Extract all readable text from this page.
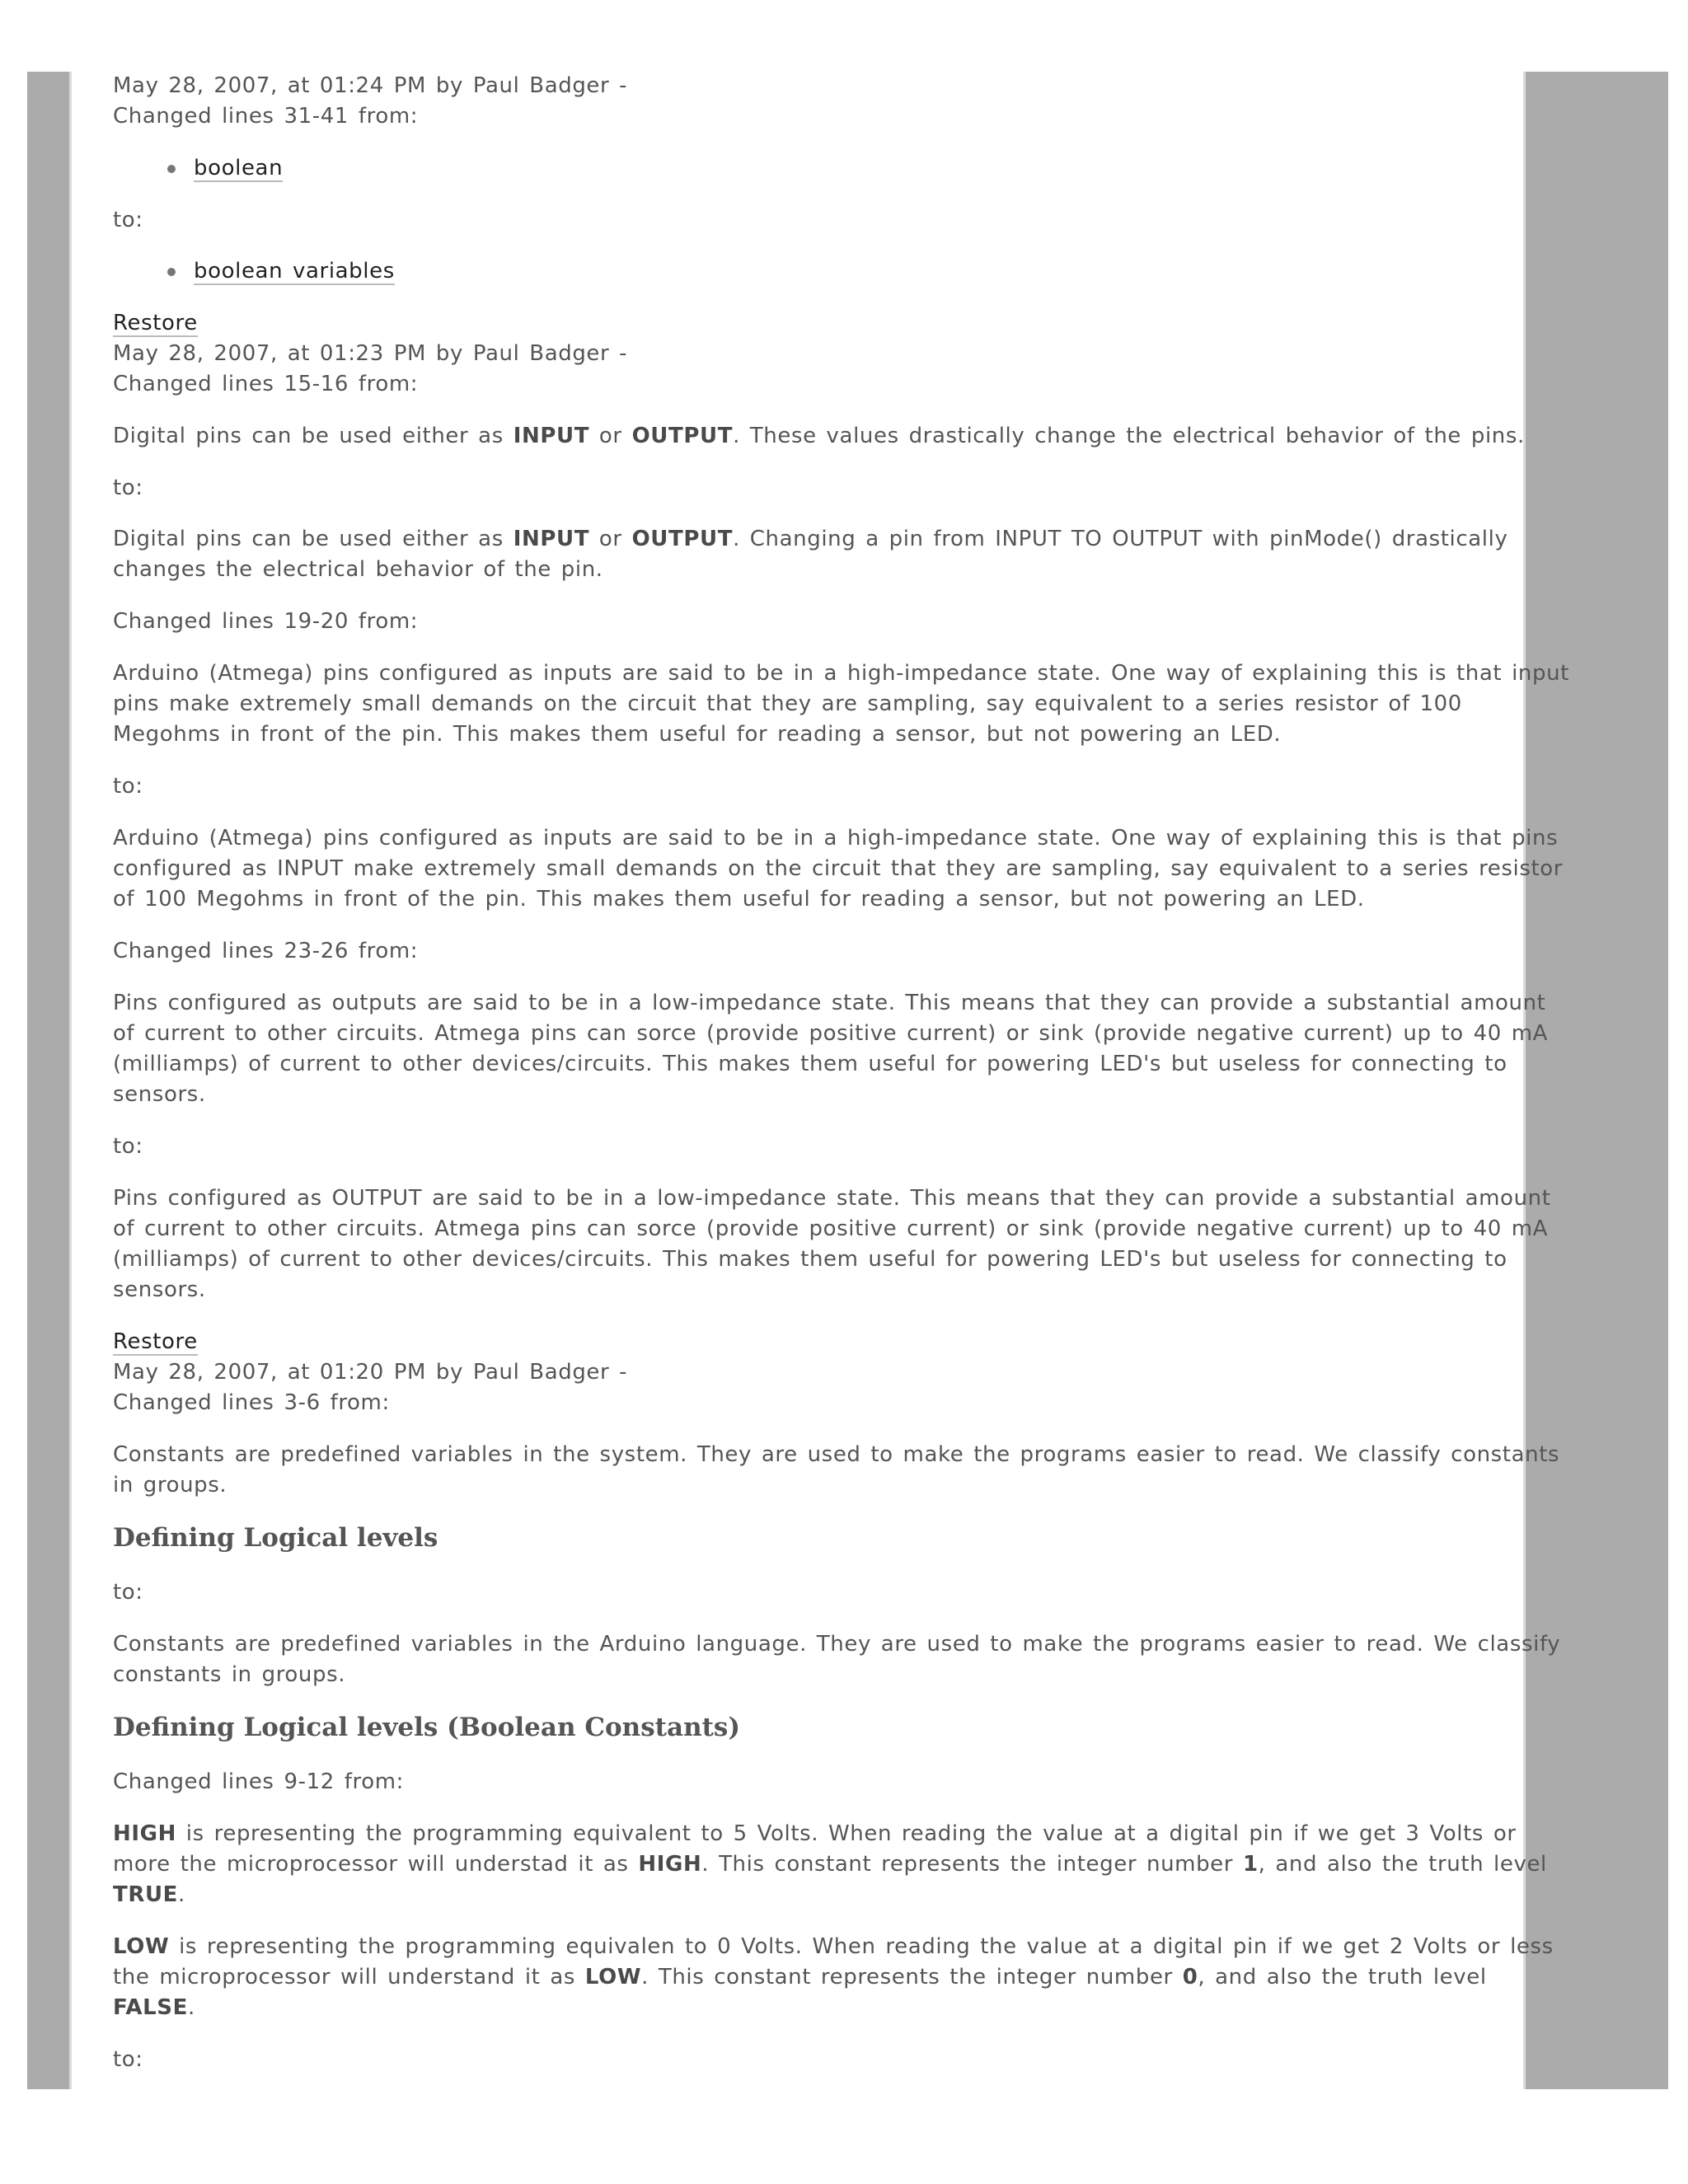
May 28, 2007, at 01:24 PM by Paul Badger -
Changed lines 31-41 from:
boolean
to:
boolean variables
Restore
May 28, 2007, at 01:23 PM by Paul Badger -
Changed lines 15-16 from:
Digital pins can be used either as INPUT or OUTPUT. These values drastically change the electrical behavior of the pins.
to:
Digital pins can be used either as INPUT or OUTPUT. Changing a pin from INPUT TO OUTPUT with pinMode() drastically
changes the electrical behavior of the pin.
Changed lines 19-20 from:
Arduino (Atmega) pins configured as inputs are said to be in a high-impedance state. One way of explaining this is that input
pins make extremely small demands on the circuit that they are sampling, say equivalent to a series resistor of 100
Megohms in front of the pin. This makes them useful for reading a sensor, but not powering an LED.
to:
Arduino (Atmega) pins configured as inputs are said to be in a high-impedance state. One way of explaining this is that pins
configured as INPUT make extremely small demands on the circuit that they are sampling, say equivalent to a series resistor
of 100 Megohms in front of the pin. This makes them useful for reading a sensor, but not powering an LED.
Changed lines 23-26 from:
Pins configured as outputs are said to be in a low-impedance state. This means that they can provide a substantial amount
of current to other circuits. Atmega pins can sorce (provide positive current) or sink (provide negative current) up to 40 mA
(milliamps) of current to other devices/circuits. This makes them useful for powering LED's but useless for connecting to
sensors.
to:
Pins configured as OUTPUT are said to be in a low-impedance state. This means that they can provide a substantial amount
of current to other circuits. Atmega pins can sorce (provide positive current) or sink (provide negative current) up to 40 mA
(milliamps) of current to other devices/circuits. This makes them useful for powering LED's but useless for connecting to
sensors.
Restore
May 28, 2007, at 01:20 PM by Paul Badger -
Changed lines 3-6 from:
Constants are predefined variables in the system. They are used to make the programs easier to read. We classify constants
in groups.
Defining Logical levels
to:
Constants are predefined variables in the Arduino language. They are used to make the programs easier to read. We classify
constants in groups.
Defining Logical levels (Boolean Constants)
Changed lines 9-12 from:
HIGH is representing the programming equivalent to 5 Volts. When reading the value at a digital pin if we get 3 Volts or
more the microprocessor will understad it as HIGH. This constant represents the integer number 1, and also the truth level
TRUE.
LOW is representing the programming equivalen to 0 Volts. When reading the value at a digital pin if we get 2 Volts or less
the microprocessor will understand it as LOW. This constant represents the integer number 0, and also the truth level
FALSE.
to:
